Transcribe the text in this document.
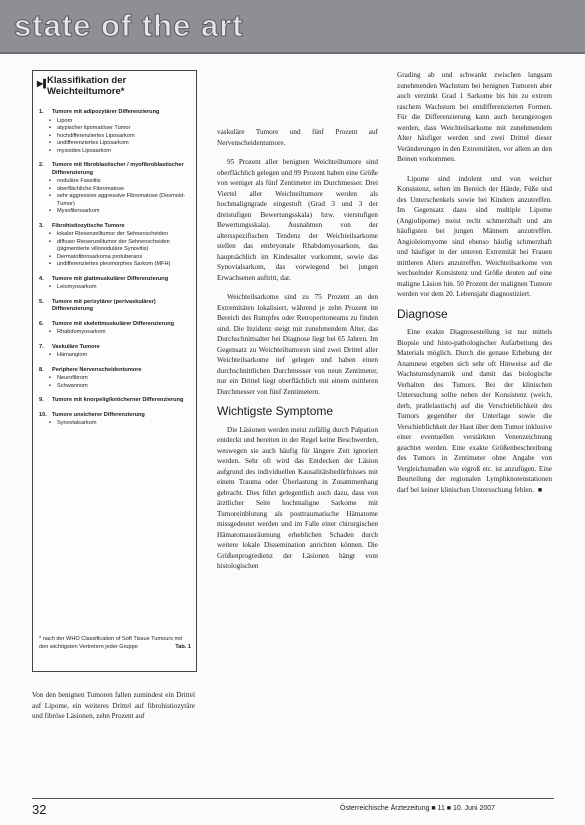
state of the art
▶▌
Klassifikation der Weichteiltumore*
1.	Tumore mit adipozytärer Differenzierung
• Lipom
• atypischer lipomatöser Tumor
• hochdifferenziertes Liposarkom
• undifferenziertes Liposarkom
• myxoides Liposarkom
2.	Tumore mit fibroblastischer / myofibroblastischer Differenzierung
• noduläre Fasziitis
• oberflächliche Fibromatose
• sehr aggressive aggressive Fibromatose (Desmoid-Tumor)
• Myxofibrosarkom
3.	Fibrohistiozytische Tumore
• lokaler Riesenzelltumor der Sehnenscheiden
• diffuser Riesenzelltumor der Sehnenscheiden (pigmentierte villonoduläre Synovitis)
• Dermatofibrosarkoma protuberans
• undifferenziertes pleomorphes Sarkom (MFH)
4.	Tumore mit glattmuskulärer Differenzierung
• Leiomyosarkom
5.	Tumore mit perizytärer (perivaskulärer) Differenzierung
6.	Tumore mit skelettmuskulärer Differenzierung
• Rhabdomyosarkom
7.	Vaskuläre Tumore
• Hämangiom
8.	Periphere Nervenscheidentumore
• Neurofibrom
• Schwannom
9.	Tumore mit knorpelig/knöcherner Differenzierung
10. Tumore unsicherer Differenzierung
• Synovialsarkom
* nach der WHO Classification of Soft Tissue Tumours mit den wichtigsten Vertretern jeder Gruppe	Tab. 1

Von den benignen Tumoren fallen zumindest ein Drittel auf Lipome, ein weiteres Drittel auf fibrohistiozytäre und fibröse Läsionen, zehn Prozent auf

vaskuläre Tumore und fünf Prozent auf Nervenscheidentumore.

95 Prozent aller benignen Weichteiltumore sind oberflächlich gelegen und 99 Prozent haben eine Größe von weniger als fünf Zentimeter im Durchmesser. Drei Viertel aller Weichteiltumore werden als hochmaligngrade eingestuft (Grad 3 und 3 der dreistufigen Bewertungsskala) bzw. vierstufigen Bewertungsskala). Ausnahmen von der altersspezifischen Tendenz der Weichteilsarkome stellen das embryonale Rhabdomyosarkom, das hauptsächlich im Kindesalter vorkommt, sowie das Synovialsarkom, das vorwiegend bei jungen Erwachsenen auftritt, dar.

Weichteilsarkome sind zu 75 Prozent an den Extremitäten lokalisiert, während je zehn Prozent im Bereich des Rumpfes oder Retroperitoneums zu finden sind. Die Inzidenz steigt mit zunehmendem Alter, das Durchschnittsalter bei Diagnose liegt bei 65 Jahren. Im Gegensatz zu Weichteiltumoren sind zwei Drittel aller Weichteilsarkome tief gelegen und haben einen durchschnittlichen Durchmesser von neun Zentimeter, nur ein Drittel liegt oberflächlich mit einem mittleren Durchmesser von fünf Zentimetern.

Wichtigste Symptome

Die Läsionen werden meist zufällig durch Palpation entdeckt und bereiten in der Regel keine Beschwerden, weswegen sie auch häufig für längere Zeit ignoriert werden. Sehr oft wird das Entdecken der Läsion aufgrund des individuellen Kausalitätsbedürfnisses mit einem Trauma oder Überlastung in Zusammenhang gebracht. Dies führt gelegentlich auch dazu, dass von ärztlicher Seite hochmaligne Sarkome mit Tumoreinblutung als posttraumatische Hämatome missgedeutet werden und im Falle einer chirurgischen Hämatomausräumung erheblichen Schaden durch weitere lokale Dissemination anrichten können. Die Größenprogredienz der Läsionen hängt vom histologischen

Grading ab und schwankt zwischen langsam zunehmenden Wachstum bei benignen Tumoren aber auch verzinkt Grad 1 Sarkome bis hin zu extrem raschem Wachstum bei entdifferenzierten Formen. Für die Differenzierung kann auch herangezogen werden, dass Weichteilsarkome mit zunehmendem Alter häufiger werden und zwei Drittel dieser Veränderungen in den Extremitäten, vor allem an den Beinen vorkommen.

Lipome sind indolent und von weicher Konsistenz, selten im Bereich der Hände, Füße und des Unterschenkels sowie bei Kindern anzutreffen. Im Gegensatz dazu sind multiple Lipome (Angiolipome) meist recht schmerzhaft und am häufigsten bei jungen Männern anzutreffen. Angioleiomyome sind ebenso häufig schmerzhaft und häufiger in der unteren Extremität bei Frauen mittleren Alters anzutreffen. Weichteilsarkome von wechselnder Konsistenz und Größe deuten auf eine maligne Läsion hin. 50 Prozent der malignen Tumore werden vor dem 20. Lebensjahr diagnostiziert.

Diagnose

Eine exakte Diagnosestellung ist nur mittels Biopsie und histo-pathologischer Aufarbeitung des Materials möglich. Durch die genaue Erhebung der Anamnese ergeben sich sehr oft Hinweise auf die Wachstumsdynamik und damit das biologische Verhalten des Tumors. Bei der klinischen Untersuchung sollte neben der Konsistenz (weich, derb, prallelastisch) auf die Verschieblichkeit des Tumors gegenüber der Unterlage sowie die Verschieblichkeit der Haut über dem Tumor inklusive einer eventuellen verstärkten Venenzeichnung geachtet werden. Eine exakte Größenbeschreibung des Tumors in Zentimeter ohne Angabe von Vergleichsmaßen wie eigroß etc. ist anzufügen. Eine Beurteilung der regionalen Lymphknotenstationen darf bei keiner klinischen Untersuchung fehlen. ■

32	Österreichische Ärztezeitung ■ 11 ■ 10. Juni 2007
